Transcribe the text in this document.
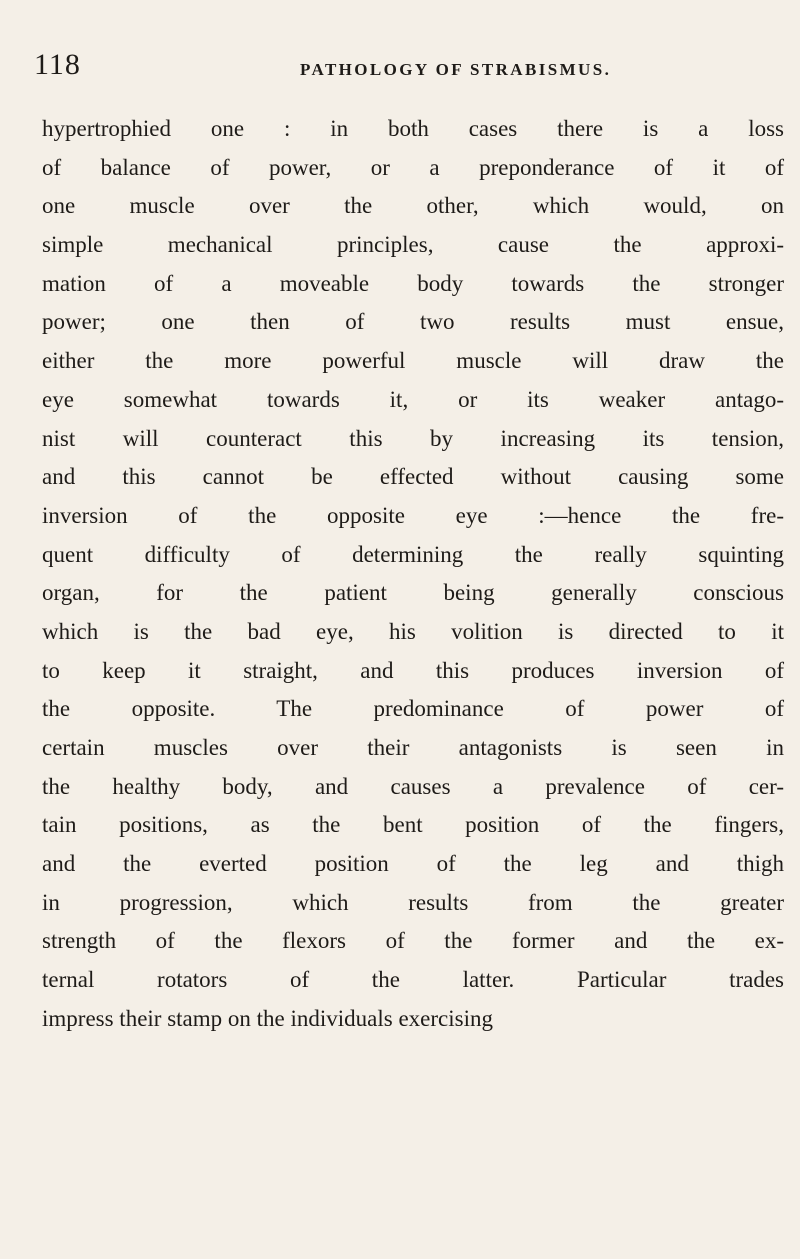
118	PATHOLOGY OF STRABISMUS.
hypertrophied one : in both cases there is a loss
of balance of power, or a preponderance of it of
one muscle over the other, which would, on
simple mechanical principles, cause the approxi-
mation of a moveable body towards the stronger
power; one then of two results must ensue,
either the more powerful muscle will draw the
eye somewhat towards it, or its weaker antago-
nist will counteract this by increasing its tension,
and this cannot be effected without causing some
inversion of the opposite eye :—hence the fre-
quent difficulty of determining the really squinting
organ, for the patient being generally conscious
which is the bad eye, his volition is directed to it
to keep it straight, and this produces inversion of
the opposite. The predominance of power of
certain muscles over their antagonists is seen in
the healthy body, and causes a prevalence of cer-
tain positions, as the bent position of the fingers,
and the everted position of the leg and thigh
in progression, which results from the greater
strength of the flexors of the former and the ex-
ternal rotators of the latter. Particular trades
impress their stamp on the individuals exercising
